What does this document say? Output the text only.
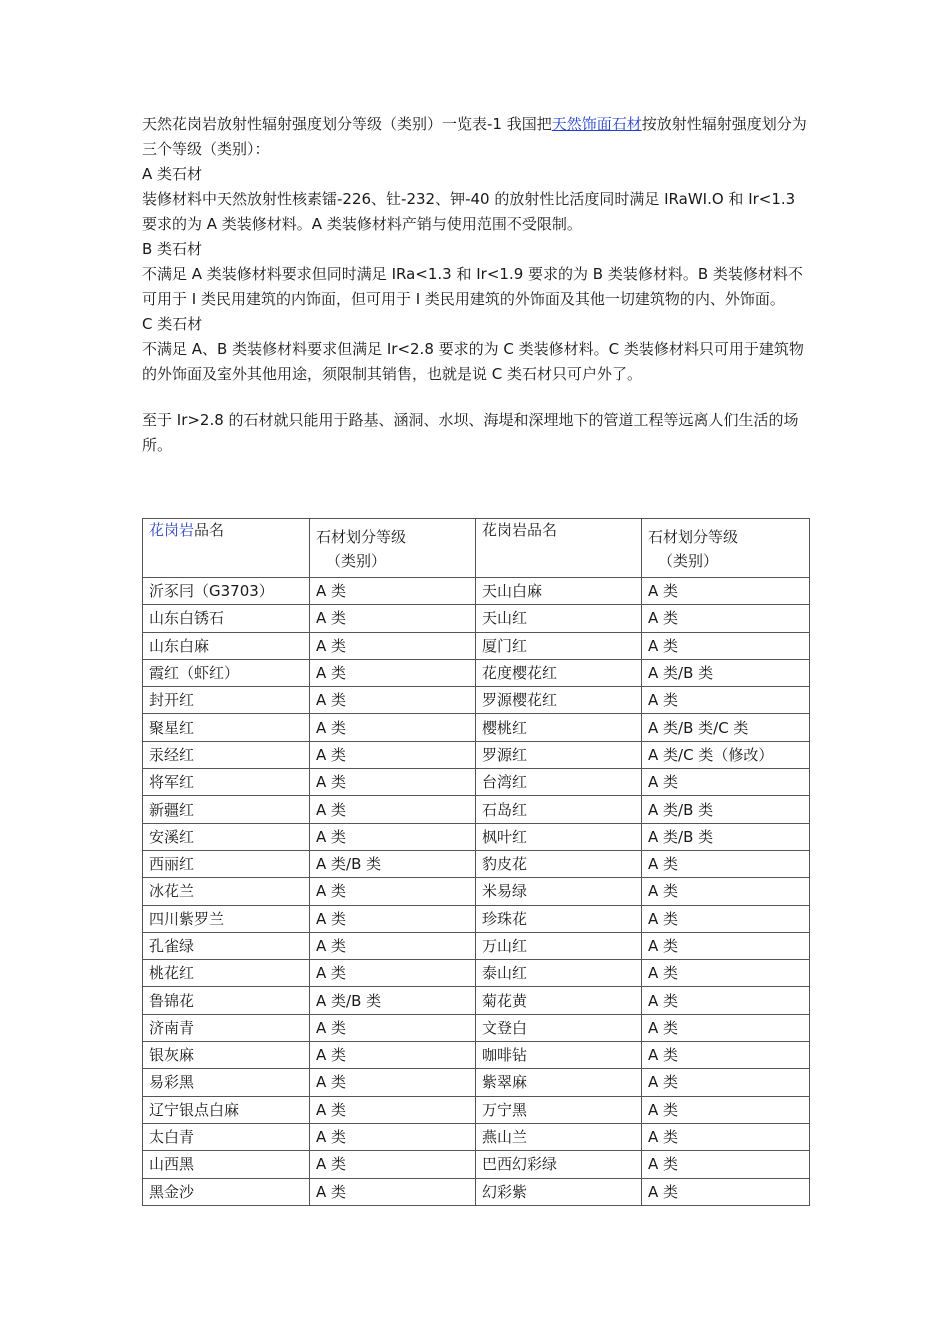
天然花岗岩放射性辐射强度划分等级（类别）一览表-1 我国把天然饰面石材按放射性辐射强度划分为三个等级（类别）：

A 类石材

装修材料中天然放射性核素镭-226、钍-232、钾-40 的放射性比活度同时满足 IRaWI.O 和 Ir<1.3 要求的为 A 类装修材料。A 类装修材料产销与使用范围不受限制。

B 类石材

不满足 A 类装修材料要求但同时满足 IRa<1.3 和 Ir<1.9 要求的为 B 类装修材料。B 类装修材料不可用于 I 类民用建筑的内饰面，但可用于 I 类民用建筑的外饰面及其他一切建筑物的内、外饰面。

C 类石材

不满足 A、B 类装修材料要求但满足 Ir<2.8 要求的为 C 类装修材料。C 类装修材料只可用于建筑物的外饰面及室外其他用途，须限制其销售，也就是说 C 类石材只可户外了。

至于 Ir>2.8 的石材就只能用于路基、涵洞、水坝、海堤和深埋地下的管道工程等远离人们生活的场所。

花岗岩品名	石材划分等级
（类别）	花岗岩品名	石材划分等级
（类别）

沂豕冃（G3703）	A 类	天山白麻	A 类
山东白锈石	A 类	天山红	A 类
山东白麻	A 类	厦门红	A 类
霞红（虾红）	A 类	花度樱花红	A 类/B 类
封开红	A 类	罗源樱花红	A 类
聚星红	A 类	樱桃红	A 类/B 类/C 类
汞经红	A 类	罗源红	A 类/C 类（修改）
将军红	A 类	台湾红	A 类
新疆红	A 类	石岛红	A 类/B 类
安溪红	A 类	枫叶红	A 类/B 类
西丽红	A 类/B 类	豹皮花	A 类
冰花兰	A 类	米易绿	A 类
四川紫罗兰	A 类	珍珠花	A 类
孔雀绿	A 类	万山红	A 类
桃花红	A 类	泰山红	A 类
鲁锦花	A 类/B 类	菊花黄	A 类
济南青	A 类	文登白	A 类
银灰麻	A 类	咖啡钻	A 类
易彩黑	A 类	紫翠麻	A 类
辽宁银点白麻	A 类	万宁黑	A 类
太白青	A 类	燕山兰	A 类
山西黑	A 类	巴西幻彩绿	A 类
黑金沙	A 类	幻彩紫	A 类
